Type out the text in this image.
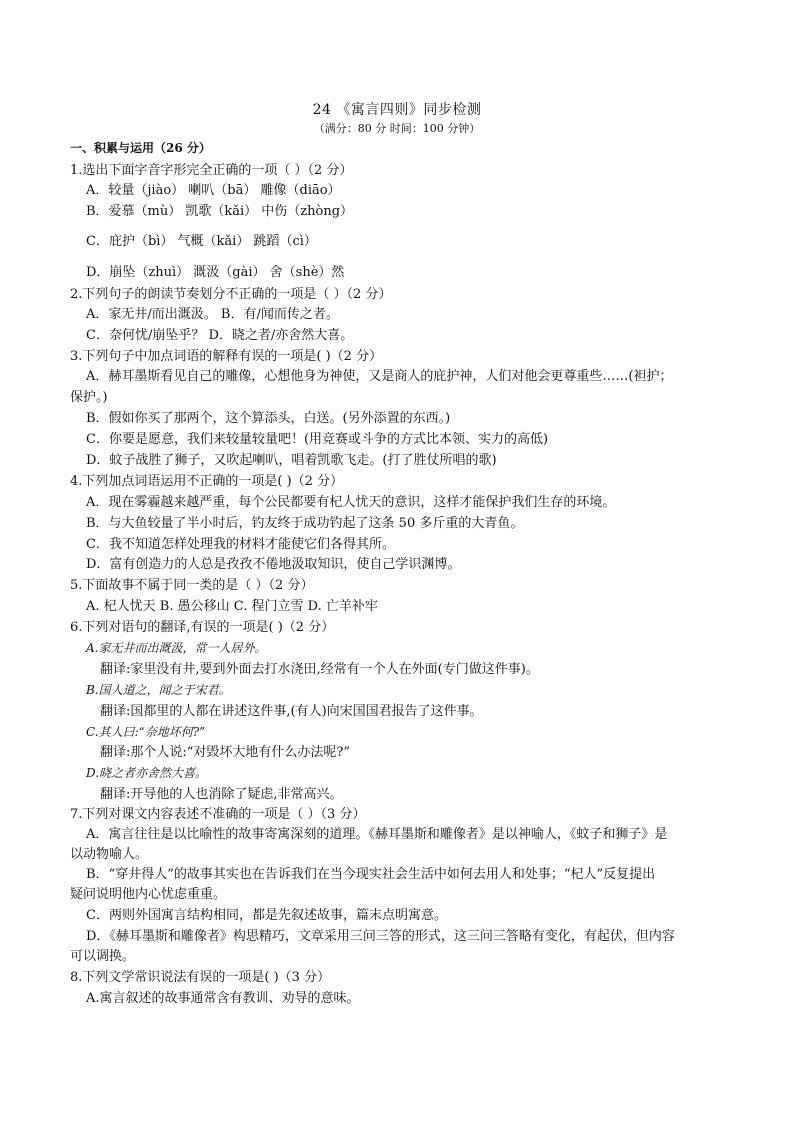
24 《寓言四则》同步检测
（满分：80 分 时间：100 分钟）
一、积累与运用（26 分）
1.选出下面字音字形完全正确的一项（ ）（2 分）
A．较量（jiào） 喇叭（bā） 雕像（diāo）
B．爱慕（mù） 凯歌（kǎi） 中伤（zhòng）
C．庇护（bì） 气概（kǎi） 跳蹈（cì）
D．崩坠（zhuì） 溉汲（gài） 舍（shè）然
2.下列句子的朗读节奏划分不正确的一项是（ ）（2 分）
A．家无井/而出溉汲。 B．有/闻而传之者。
C．奈何忧/崩坠乎？ D．晓之者/亦舍然大喜。
3.下列句子中加点词语的解释有误的一项是( )（2 分）
A．赫耳墨斯看见自己的雕像，心想他身为神使，又是商人的庇护神，人们对他会更尊重些……(袒护；
保护。)
B．假如你买了那两个，这个算添头，白送。(另外添置的东西。)
C．你要是愿意，我们来较量较量吧！(用竞赛或斗争的方式比本领、实力的高低)
D．蚊子战胜了狮子，又吹起喇叭，唱着凯歌飞走。(打了胜仗所唱的歌)
4.下列加点词语运用不正确的一项是( )（2 分）
A．现在雾霾越来越严重，每个公民都要有杞人忧天的意识，这样才能保护我们生存的环境。
B．与大鱼较量了半小时后，钓友终于成功钓起了这条 50 多斤重的大青鱼。
C．我不知道怎样处理我的材料才能使它们各得其所。
D．富有创造力的人总是孜孜不倦地汲取知识，使自己学识渊博。
5.下面故事不属于同一类的是（ ）（2 分）
A. 杞人忧天 B. 愚公移山 C. 程门立雪 D. 亡羊补牢
6.下列对语句的翻译,有误的一项是( )（2 分）
A.家无井而出溉汲，常一人居外。
翻译:家里没有井,要到外面去打水浇田,经常有一个人在外面(专门做这件事)。
B.国人道之，闻之于宋君。
翻译:国都里的人都在讲述这件事,(有人)向宋国国君报告了这件事。
C.其人曰:“奈地坏何?”
翻译:那个人说:“对毁坏大地有什么办法呢?”
D.晓之者亦舍然大喜。
翻译:开导他的人也消除了疑虑,非常高兴。
7.下列对课文内容表述不准确的一项是（ ）（3 分）
A．寓言往往是以比喻性的故事寄寓深刻的道理。《赫耳墨斯和雕像者》是以神喻人，《蚊子和狮子》是
以动物喻人。
B．“穿井得人”的故事其实也在告诉我们在当今现实社会生活中如何去用人和处事；“杞人”反复提出
疑问说明他内心忧虑重重。
C．两则外国寓言结构相同，都是先叙述故事，篇末点明寓意。
D．《赫耳墨斯和雕像者》构思精巧，文章采用三问三答的形式，这三问三答略有变化，有起伏，但内容
可以调换。
8.下列文学常识说法有误的一项是( )（3 分）
A.寓言叙述的故事通常含有教训、劝导的意味。
